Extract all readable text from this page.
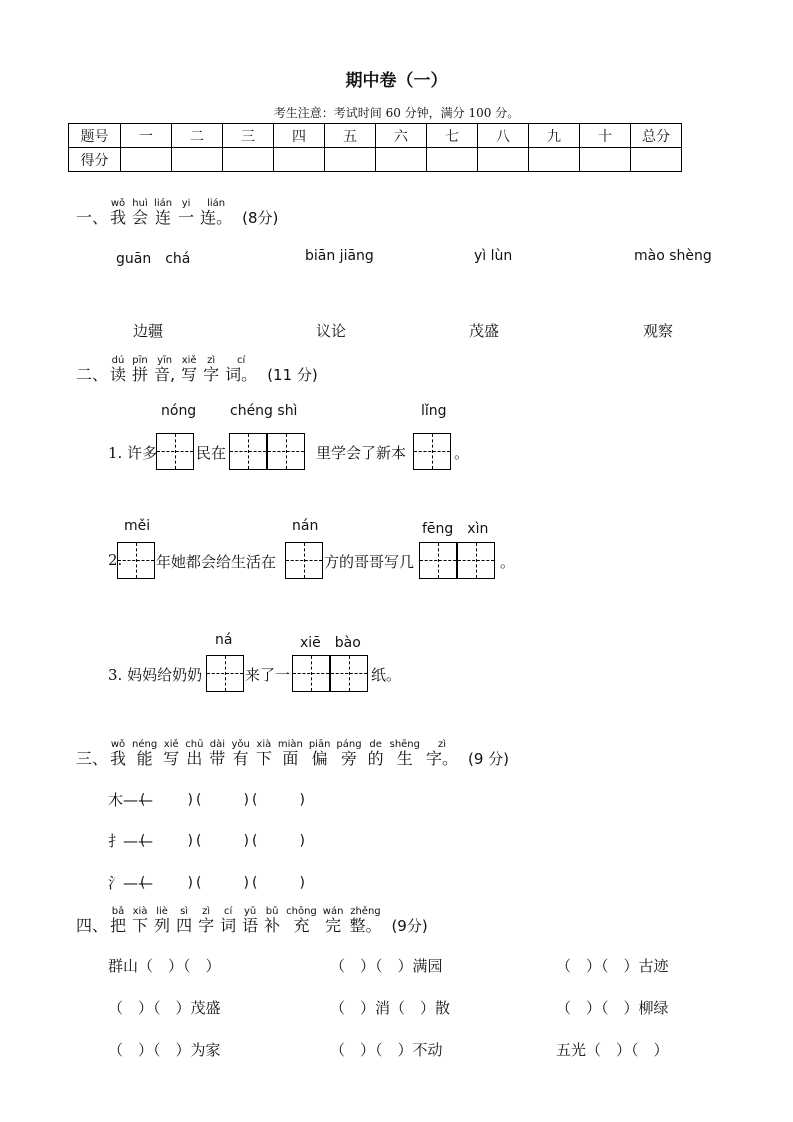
期中卷（一）
考生注意：考试时间 60 分钟，满分 100 分。
题号	一	二	三	四	五	六	七	八	九	十	总分
得分											
一、
wǒ
我
huì
会
lián
连
yi
一
lián
连。 (8分)
二、
dú
读
pīn
拼
yīn
音,
xiě
写
zì
字
cí
词。 (11 分)
三、
wǒ
我
néng
能
xiě
写
chū
出
dài
带
yǒu
有
xià
下
miàn
面
piān
偏
páng
旁
de
的
shēng
生
zì
字。 (9 分)
四、
bǎ
把
xià
下
liè
列
sì
四
zì
字
cí
词
yǔ
语
bǔ
补
chōng
充
wán
完
zhěng
整。 (9分)
guān　chá	biān jiāng	yì lùn	mào shèng
边疆	议论	茂盛	观察
nóng chéng shì	lǐng
1. 许多	民在	里学会了新本	。
měi	nán	fēng　xìn
2. 年她都会给生活在	方的哥哥写几	。
ná	xiē　bào
3. 妈妈给奶奶	来了一	纸。
木——
(　　　) (　　　) (　　　)
扌——
(　　　) (　　　) (　　　)
氵——
(　　　) (　　　) (　　　)
群山（　）（　）	（　）（　）满园	（　）（　）古迹
（　）（　）茂盛	（　）消（　）散	（　）（　）柳绿
（　）（　）为家	（　）（　）不动	五光（　）（　）
